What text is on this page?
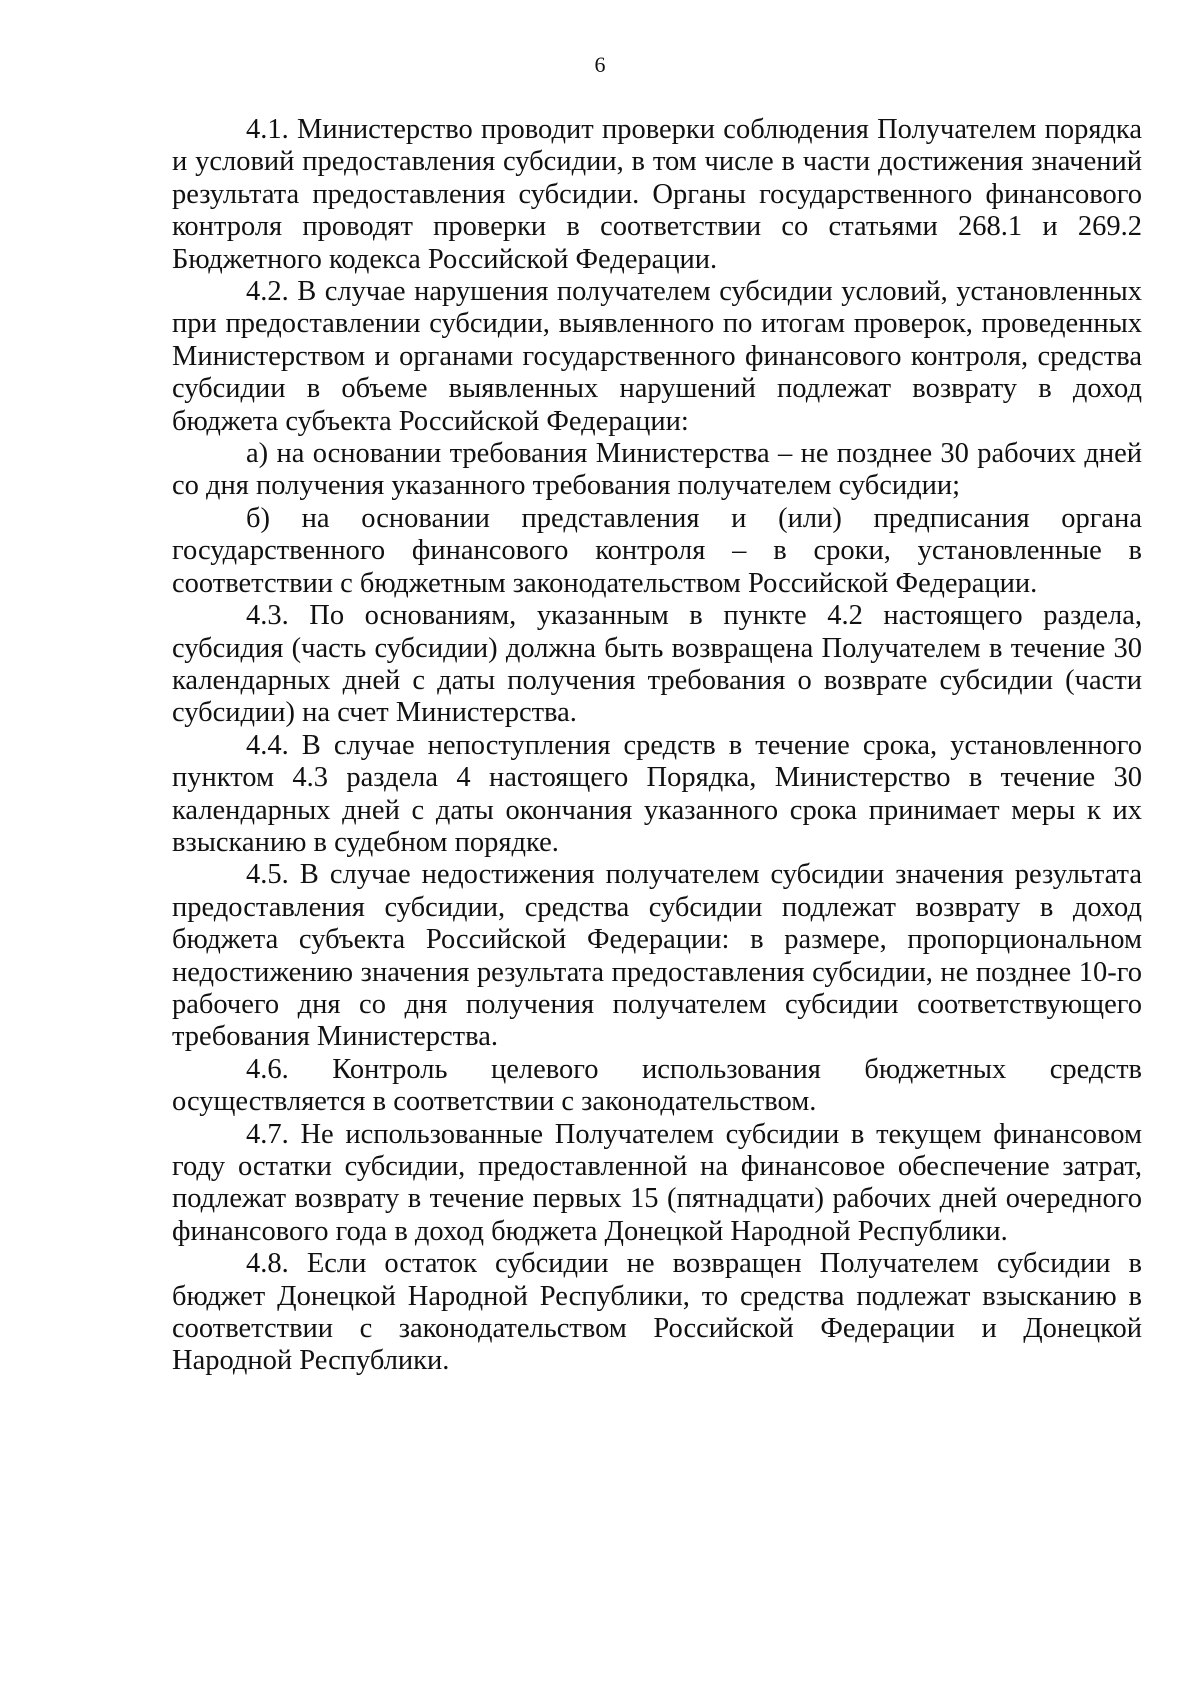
6

4.1. Министерство проводит проверки соблюдения Получателем порядка и условий предоставления субсидии, в том числе в части достижения значений результата предоставления субсидии. Органы государственного финансового контроля проводят проверки в соответствии со статьями 268.1 и 269.2 Бюджетного кодекса Российской Федерации.

4.2. В случае нарушения получателем субсидии условий, установленных при предоставлении субсидии, выявленного по итогам проверок, проведенных Министерством и органами государственного финансового контроля, средства субсидии в объеме выявленных нарушений подлежат возврату в доход бюджета субъекта Российской Федерации:

а) на основании требования Министерства – не позднее 30 рабочих дней со дня получения указанного требования получателем субсидии;

б) на основании представления и (или) предписания органа государственного финансового контроля – в сроки, установленные в соответствии с бюджетным законодательством Российской Федерации.

4.3. По основаниям, указанным в пункте 4.2 настоящего раздела, субсидия (часть субсидии) должна быть возвращена Получателем в течение 30 календарных дней с даты получения требования о возврате субсидии (части субсидии) на счет Министерства.

4.4. В случае непоступления средств в течение срока, установленного пунктом 4.3 раздела 4 настоящего Порядка, Министерство в течение 30 календарных дней с даты окончания указанного срока принимает меры к их взысканию в судебном порядке.

4.5. В случае недостижения получателем субсидии значения результата предоставления субсидии, средства субсидии подлежат возврату в доход бюджета субъекта Российской Федерации: в размере, пропорциональном недостижению значения результата предоставления субсидии, не позднее 10-го рабочего дня со дня получения получателем субсидии соответствующего требования Министерства.

4.6. Контроль целевого использования бюджетных средств осуществляется в соответствии с законодательством.

4.7. Не использованные Получателем субсидии в текущем финансовом году остатки субсидии, предоставленной на финансовое обеспечение затрат, подлежат возврату в течение первых 15 (пятнадцати) рабочих дней очередного финансового года в доход бюджета Донецкой Народной Республики.

4.8. Если остаток субсидии не возвращен Получателем субсидии в бюджет Донецкой Народной Республики, то средства подлежат взысканию в соответствии с законодательством Российской Федерации и Донецкой Народной Республики.
